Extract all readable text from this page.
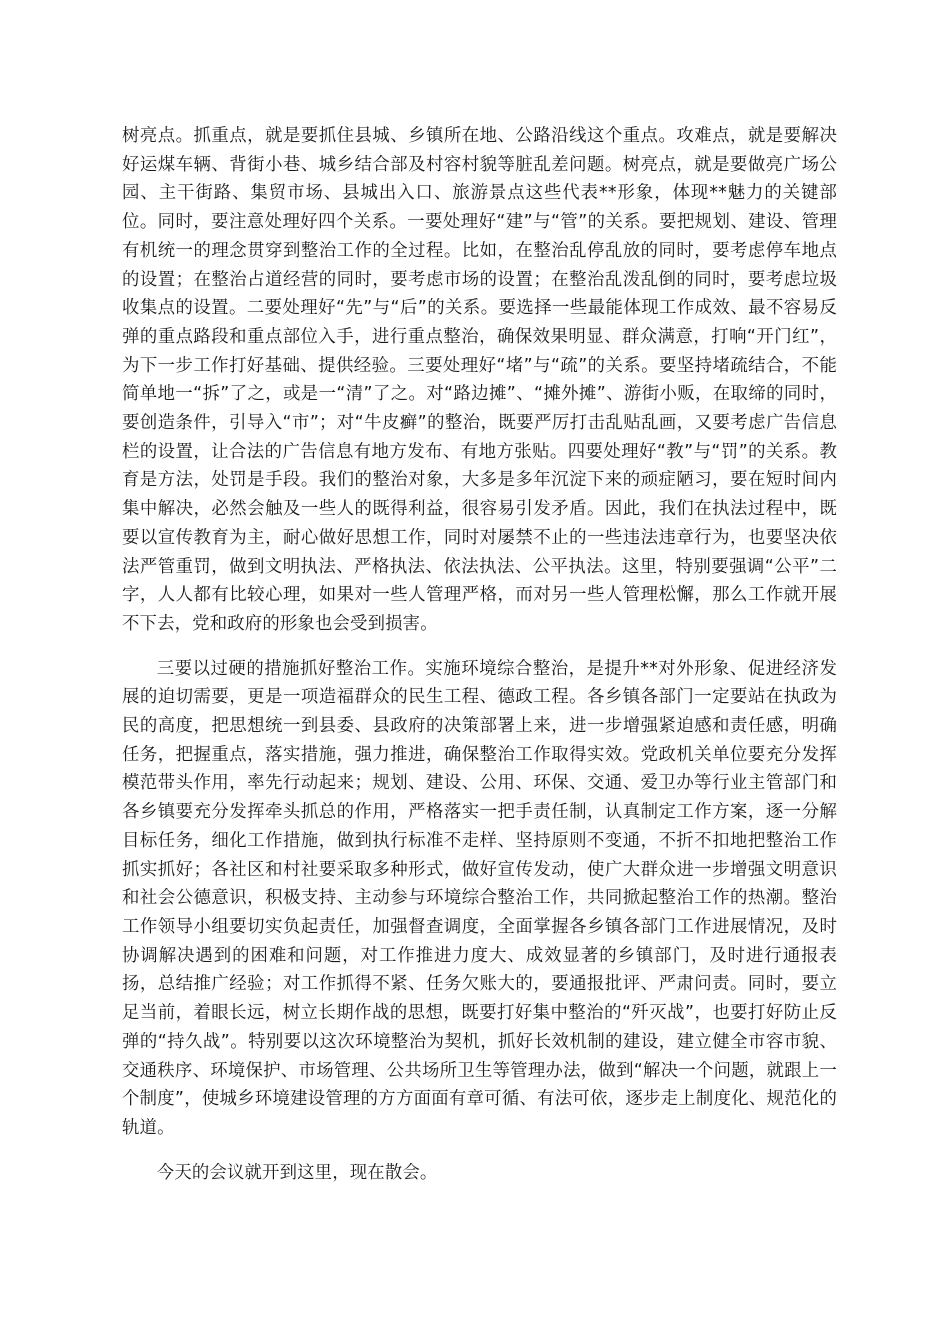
树亮点。抓重点，就是要抓住县城、乡镇所在地、公路沿线这个重点。攻难点，就是要解决好运煤车辆、背街小巷、城乡结合部及村容村貌等脏乱差问题。树亮点，就是要做亮广场公园、主干街路、集贸市场、县城出入口、旅游景点这些代表**形象，体现**魅力的关键部位。同时，要注意处理好四个关系。一要处理好“建”与“管”的关系。要把规划、建设、管理有机统一的理念贯穿到整治工作的全过程。比如，在整治乱停乱放的同时，要考虑停车地点的设置；在整治占道经营的同时，要考虑市场的设置；在整治乱泼乱倒的同时，要考虑垃圾收集点的设置。二要处理好“先”与“后”的关系。要选择一些最能体现工作成效、最不容易反弹的重点路段和重点部位入手，进行重点整治，确保效果明显、群众满意，打响“开门红”，为下一步工作打好基础、提供经验。三要处理好“堵”与“疏”的关系。要坚持堵疏结合，不能简单地一“拆”了之，或是一“清”了之。对“路边摊”、“摊外摊”、游街小贩，在取缔的同时，要创造条件，引导入“市”；对“牛皮癣”的整治，既要严厉打击乱贴乱画，又要考虑广告信息栏的设置，让合法的广告信息有地方发布、有地方张贴。四要处理好“教”与“罚”的关系。教育是方法，处罚是手段。我们的整治对象，大多是多年沉淀下来的顽症陋习，要在短时间内集中解决，必然会触及一些人的既得利益，很容易引发矛盾。因此，我们在执法过程中，既要以宣传教育为主，耐心做好思想工作，同时对屡禁不止的一些违法违章行为，也要坚决依法严管重罚，做到文明执法、严格执法、依法执法、公平执法。这里，特别要强调“公平”二字，人人都有比较心理，如果对一些人管理严格，而对另一些人管理松懈，那么工作就开展不下去，党和政府的形象也会受到损害。

三要以过硬的措施抓好整治工作。实施环境综合整治，是提升**对外形象、促进经济发展的迫切需要，更是一项造福群众的民生工程、德政工程。各乡镇各部门一定要站在执政为民的高度，把思想统一到县委、县政府的决策部署上来，进一步增强紧迫感和责任感，明确任务，把握重点，落实措施，强力推进，确保整治工作取得实效。党政机关单位要充分发挥模范带头作用，率先行动起来；规划、建设、公用、环保、交通、爱卫办等行业主管部门和各乡镇要充分发挥牵头抓总的作用，严格落实一把手责任制，认真制定工作方案，逐一分解目标任务，细化工作措施，做到执行标准不走样、坚持原则不变通，不折不扣地把整治工作抓实抓好；各社区和村社要采取多种形式，做好宣传发动，使广大群众进一步增强文明意识和社会公德意识，积极支持、主动参与环境综合整治工作，共同掀起整治工作的热潮。整治工作领导小组要切实负起责任，加强督查调度，全面掌握各乡镇各部门工作进展情况，及时协调解决遇到的困难和问题，对工作推进力度大、成效显著的乡镇部门，及时进行通报表扬，总结推广经验；对工作抓得不紧、任务欠账大的，要通报批评、严肃问责。同时，要立足当前，着眼长远，树立长期作战的思想，既要打好集中整治的“歼灭战”，也要打好防止反弹的“持久战”。特别要以这次环境整治为契机，抓好长效机制的建设，建立健全市容市貌、交通秩序、环境保护、市场管理、公共场所卫生等管理办法，做到“解决一个问题，就跟上一个制度”，使城乡环境建设管理的方方面面有章可循、有法可依，逐步走上制度化、规范化的轨道。

今天的会议就开到这里，现在散会。
